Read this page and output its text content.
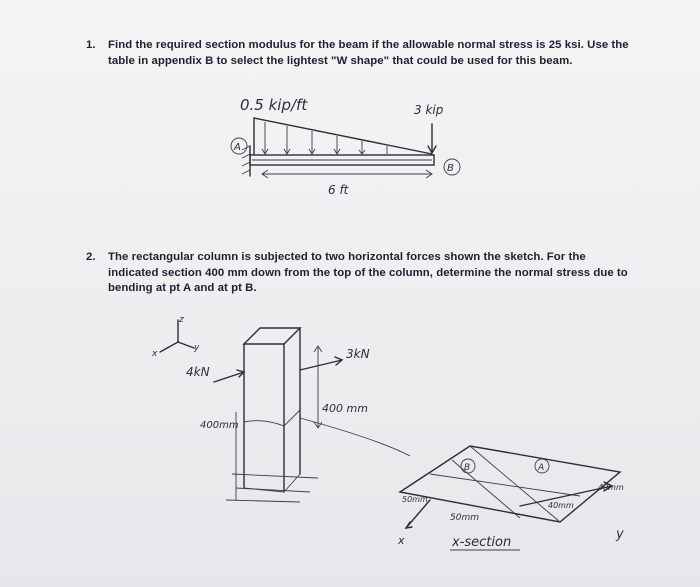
1. Find the required section modulus for the beam if the allowable normal stress is 25 ksi. Use the
table in appendix B to select the lightest "W shape" that could be used for this beam.
A
B
6 ft
0.5 kip/ft	3 kip
2. The rectangular column is subjected to two horizontal forces shown the sketch. For the
indicated section 400 mm down from the top of the column, determine the normal stress due to
bending at pt A and at pt B.
z
x
y
4kN
3kN
400 mm
400mm
B	A
50mm
50mm
40mm
40mm
y
x	x-section
